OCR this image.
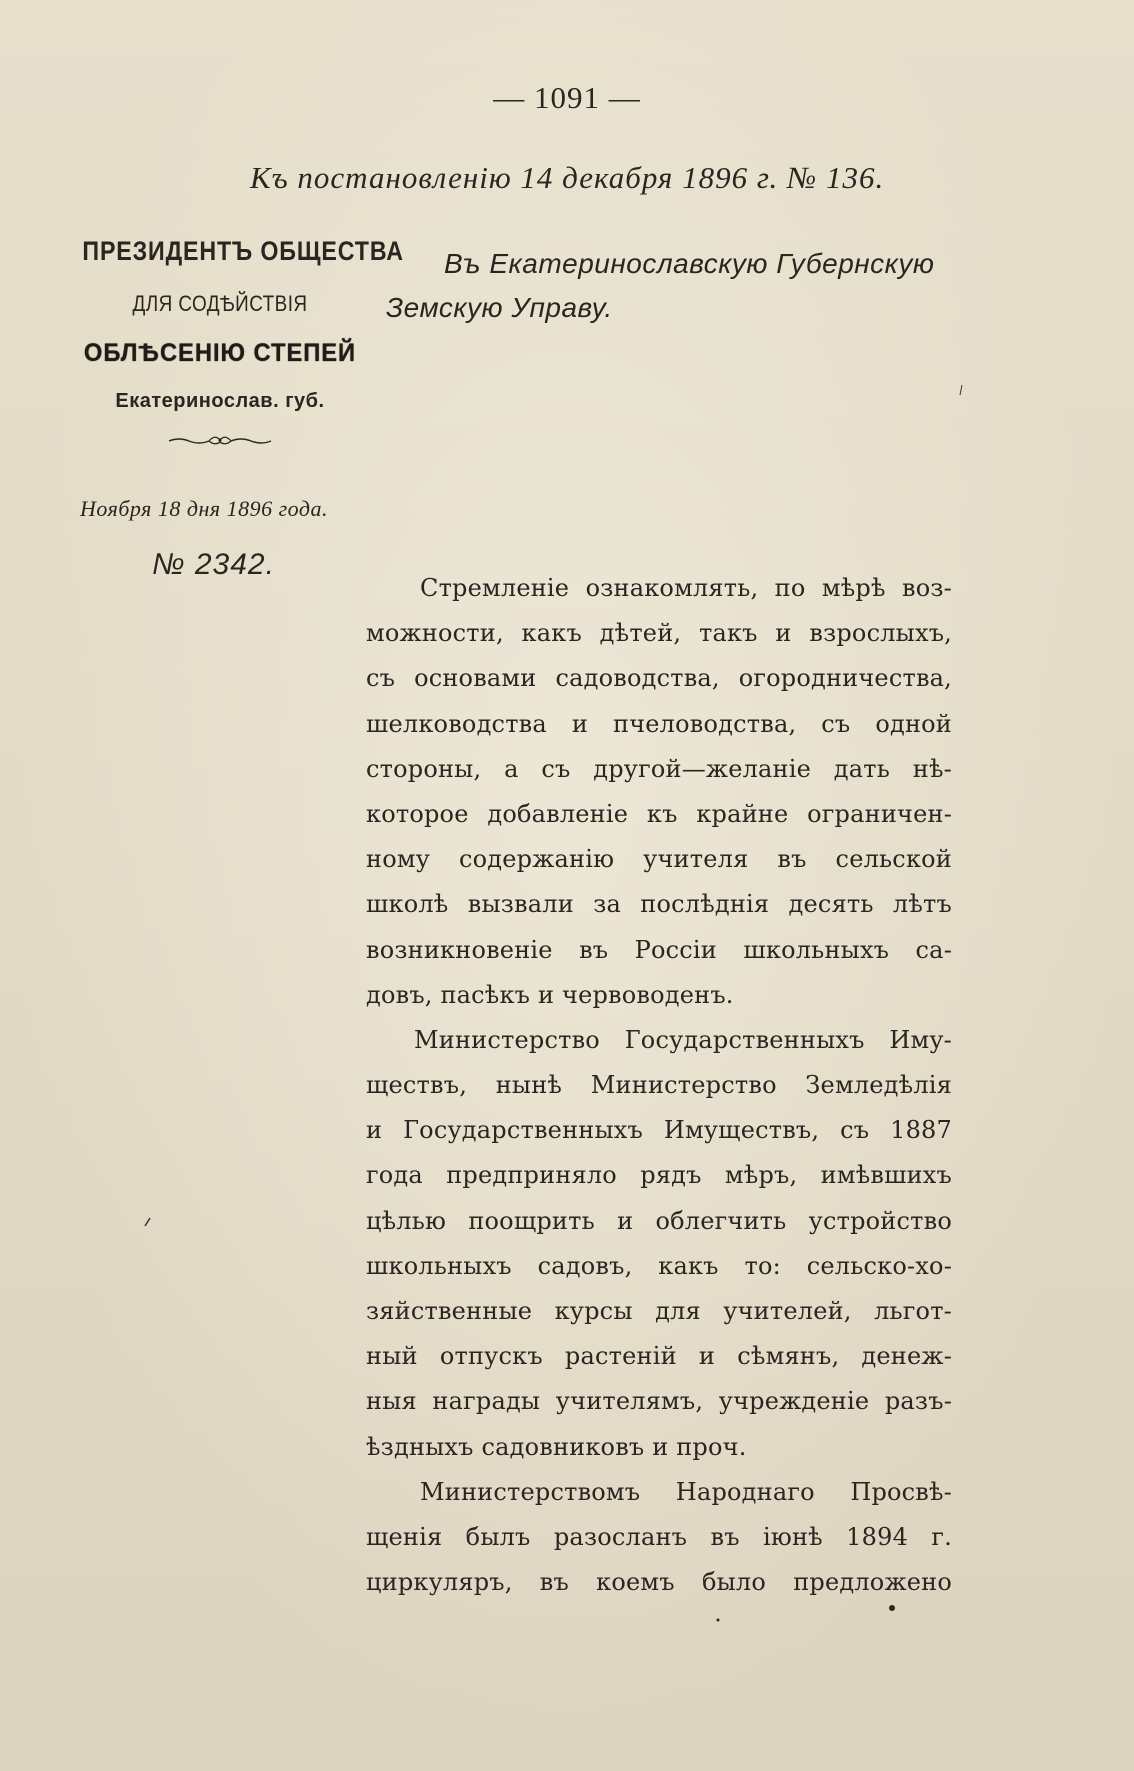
— 1091 —
Къ постановленію 14 декабря 1896 г. № 136.
ПРЕЗИДЕНТЪ ОБЩЕСТВА
ДЛЯ СОДѢЙСТВІЯ
ОБЛѢСЕНІЮ СТЕПЕЙ
Екатеринослав. губ.
Ноября 18 дня 1896 года.
№ 2342.
Въ Екатеринославскую Губернскую
Земскую Управу.
Стремленіе ознакомлять, по мѣрѣ воз-
можности, какъ дѣтей, такъ и взрослыхъ,
съ основами садоводства, огородничества,
шелководства и пчеловодства, съ одной
стороны, а съ другой—желаніе дать нѣ-
которое добавленіе къ крайне ограничен-
ному содержанію учителя въ сельской
школѣ вызвали за послѣднія десять лѣтъ
возникновеніе въ Россіи школьныхъ са-
довъ, пасѣкъ и червоводенъ.
Министерство Государственныхъ Иму-
ществъ, нынѣ Министерство Земледѣлія
и Государственныхъ Имуществъ, съ 1887
года предприняло рядъ мѣръ, имѣвшихъ
цѣлью поощрить и облегчить устройство
школьныхъ садовъ, какъ то: сельско-хо-
зяйственные курсы для учителей, льгот-
ный отпускъ растеній и сѣмянъ, денеж-
ныя награды учителямъ, учрежденіе разъ-
ѣздныхъ садовниковъ и проч.
Министерствомъ Народнаго Просвѣ-
щенія былъ разосланъ въ іюнѣ 1894 г.
циркуляръ, въ коемъ было предложено
